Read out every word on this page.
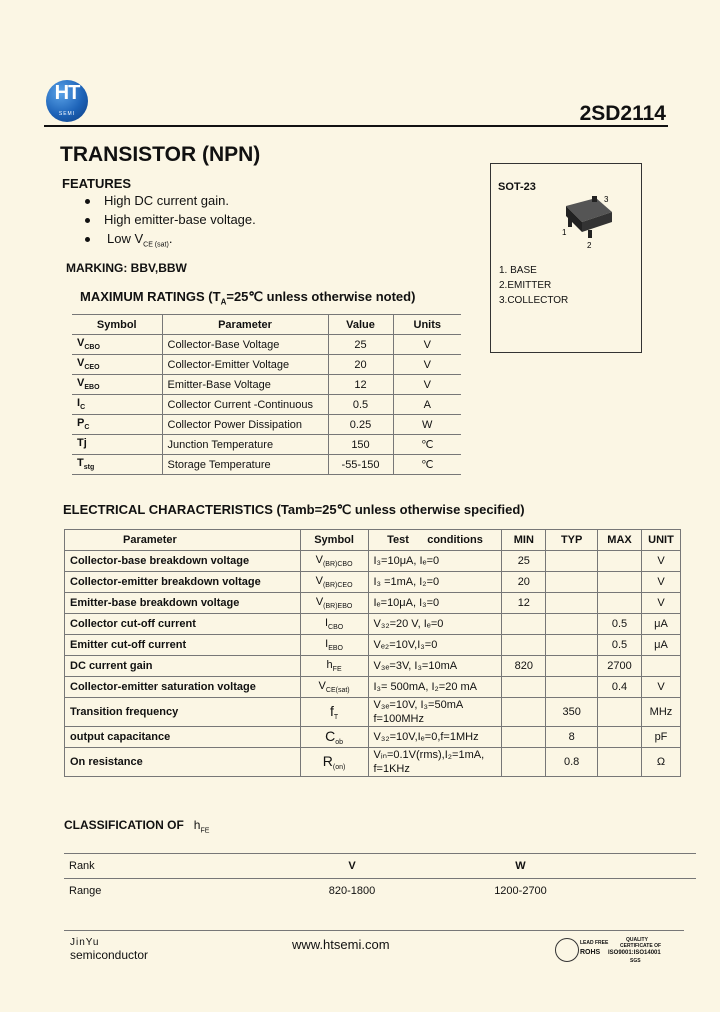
HT
SEMI	2SD2114
TRANSISTOR (NPN)
FEATURES
High DC current gain.
High emitter-base voltage.
Low $V_{CE (sat)}$.
MARKING: BBV,BBW
SOT-23
3
1
2
1. BASE
2.EMITTER
3.COLLECTOR
MAXIMUM RATINGS ($T_A=25℃$ unless otherwise noted)
Symbol	Parameter	Value	Units
$V_{CBO}$	Collector-Base Voltage	25	V
$V_{CEO}$	Collector-Emitter Voltage	20	V
$V_{EBO}$	Emitter-Base Voltage	12	V
$I_C$	Collector Current -Continuous	0.5	A
$P_C$	Collector Power Dissipation	0.25	W
Tj	Junction Temperature	150	℃
$T_{stg}$	Storage Temperature	-55-150	℃
ELECTRICAL CHARACTERISTICS (Tamb=25℃ unless otherwise specified)
Parameter	Symbol	Test      conditions	MIN	TYP	MAX	UNIT
Collector-base breakdown voltage	$V_{(BR)CBO}$	I₃=10μA, Iₑ=0	25			V
Collector-emitter breakdown voltage	$V_{(BR)CEO}$	I₃ =1mA, I₂=0	20			V
Emitter-base breakdown voltage	$V_{(BR)EBO}$	Iₑ=10μA, I₃=0	12			V
Collector cut-off current	$I_{CBO}$	V₃₂=20 V, Iₑ=0			0.5	μA
Emitter cut-off current	$I_{EBO}$	Vₑ₂=10V,I₃=0			0.5	μA
DC current gain	$h_{FE}$	V₃ₑ=3V, I₃=10mA	820		2700	
Collector-emitter saturation voltage	$V_{CE(sat)}$	I₃= 500mA, I₂=20 mA			0.4	V
Transition frequency	$f_T$	V₃ₑ=10V, I₃=50mA
f=100MHz		350		MHz
output capacitance	$C_{ob}$	V₃₂=10V,Iₑ=0,f=1MHz		8		pF
On resistance	$R_{(on)}$	Vᵢₙ=0.1V(rms),I₂=1mA,
f=1KHz		0.8		Ω
CLASSIFICATION OF $h_{FE}$
Rank	V	W
Range	820-1800	1200-2700
JinYu
semiconductor
www.htsemi.com	LEAD FREE
ROHS
QUALITY
CERTIFICATE OF
ISO9001:ISO14001
SGS
